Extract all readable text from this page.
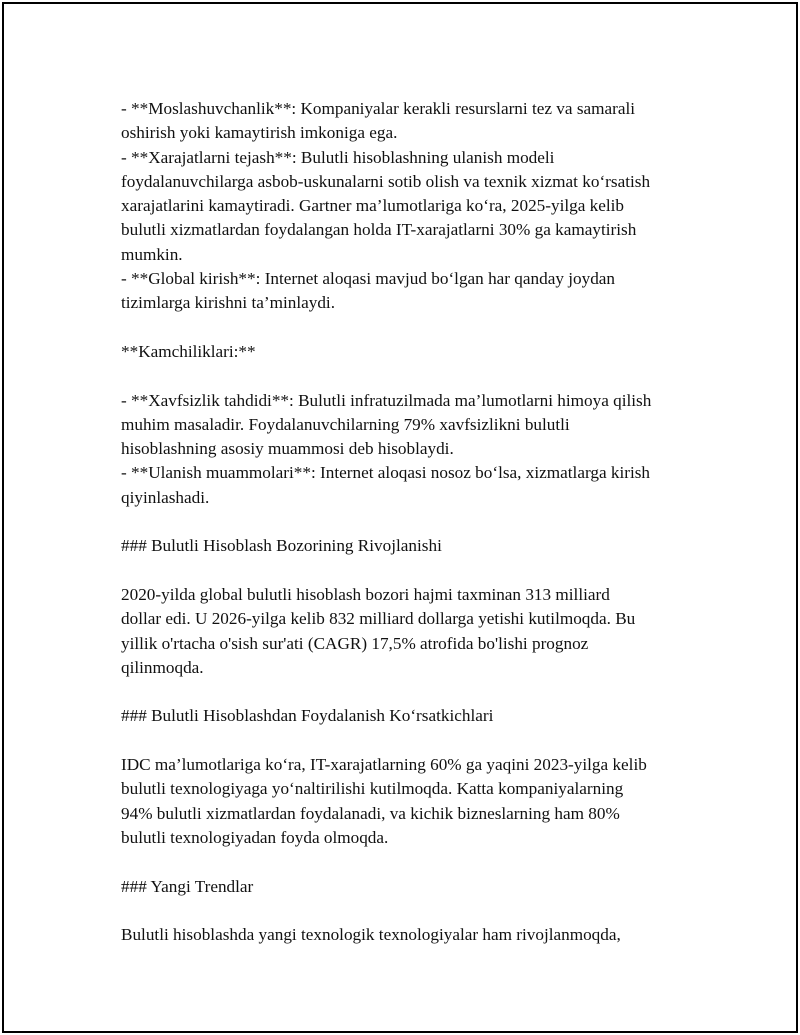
- **Moslashuvchanlik**: Kompaniyalar kerakli resurslarni tez va samarali
oshirish yoki kamaytirish imkoniga ega.
- **Xarajatlarni tejash**: Bulutli hisoblashning ulanish modeli
foydalanuvchilarga asbob-uskunalarni sotib olish va texnik xizmat ko‘rsatish
xarajatlarini kamaytiradi. Gartner ma’lumotlariga ko‘ra, 2025-yilga kelib
bulutli xizmatlardan foydalangan holda IT-xarajatlarni 30% ga kamaytirish
mumkin.
- **Global kirish**: Internet aloqasi mavjud bo‘lgan har qanday joydan
tizimlarga kirishni ta’minlaydi.

**Kamchiliklari:**

- **Xavfsizlik tahdidi**: Bulutli infratuzilmada ma’lumotlarni himoya qilish
muhim masaladir. Foydalanuvchilarning 79% xavfsizlikni bulutli
hisoblashning asosiy muammosi deb hisoblaydi.
- **Ulanish muammolari**: Internet aloqasi nosoz bo‘lsa, xizmatlarga kirish
qiyinlashadi.

### Bulutli Hisoblash Bozorining Rivojlanishi

2020-yilda global bulutli hisoblash bozori hajmi taxminan 313 milliard
dollar edi. U 2026-yilga kelib 832 milliard dollarga yetishi kutilmoqda. Bu
yillik o'rtacha o'sish sur'ati (CAGR) 17,5% atrofida bo'lishi prognoz
qilinmoqda.

### Bulutli Hisoblashdan Foydalanish Ko‘rsatkichlari

IDC ma’lumotlariga ko‘ra, IT-xarajatlarning 60% ga yaqini 2023-yilga kelib
bulutli texnologiyaga yo‘naltirilishi kutilmoqda. Katta kompaniyalarning
94% bulutli xizmatlardan foydalanadi, va kichik bizneslarning ham 80%
bulutli texnologiyadan foyda olmoqda.

### Yangi Trendlar

Bulutli hisoblashda yangi texnologik texnologiyalar ham rivojlanmoqda,
